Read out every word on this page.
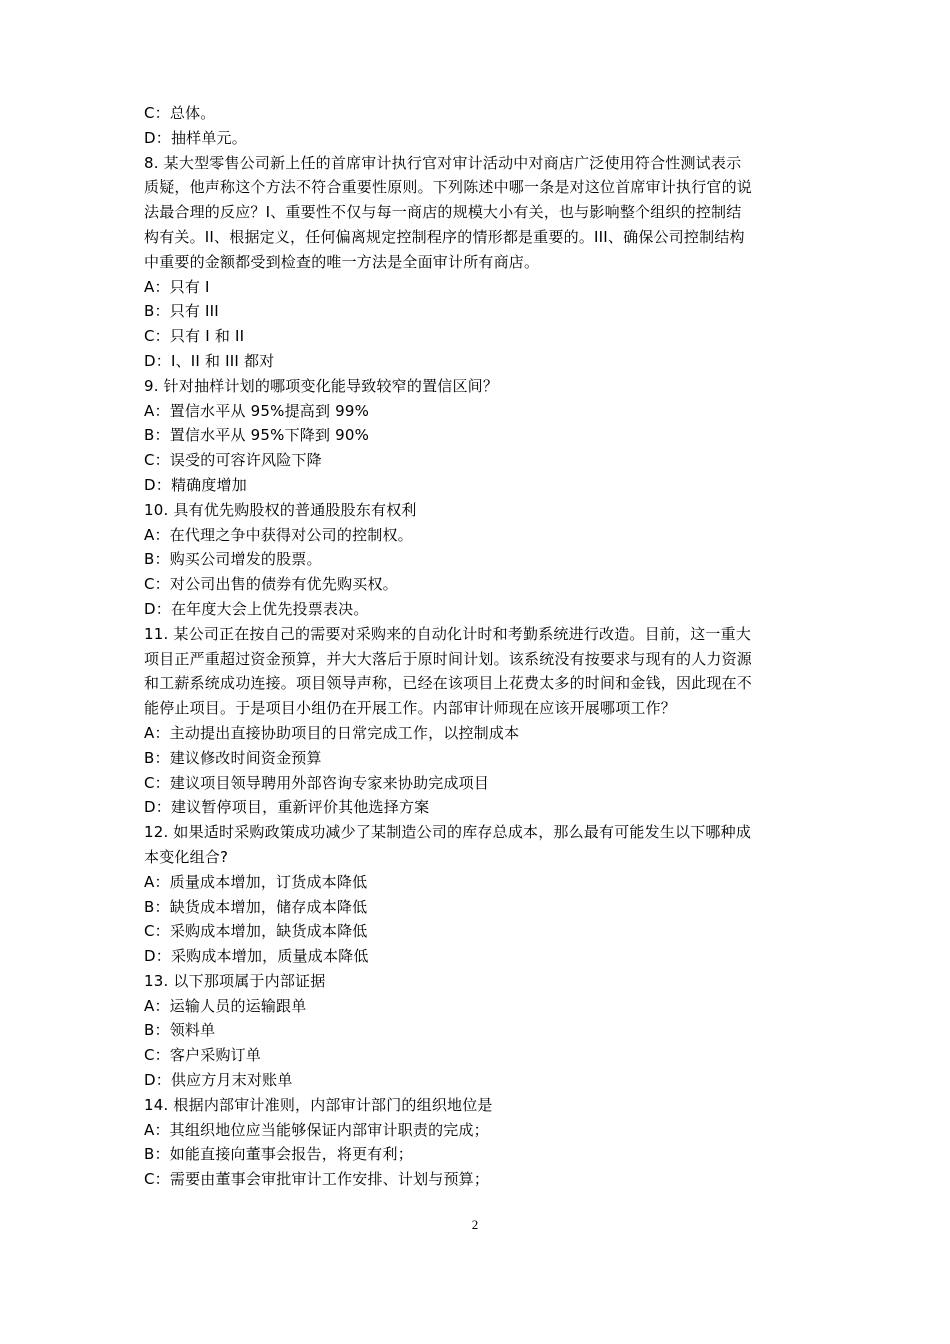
C：总体。
D：抽样单元。
8. 某大型零售公司新上任的首席审计执行官对审计活动中对商店广泛使用符合性测试表示
质疑，他声称这个方法不符合重要性原则。下列陈述中哪一条是对这位首席审计执行官的说
法最合理的反应？I、重要性不仅与每一商店的规模大小有关，也与影响整个组织的控制结
构有关。II、根据定义，任何偏离规定控制程序的情形都是重要的。III、确保公司控制结构
中重要的金额都受到检查的唯一方法是全面审计所有商店。
A：只有 I
B：只有 III
C：只有 I 和 II
D：I、II 和 III 都对
9. 针对抽样计划的哪项变化能导致较窄的置信区间？
A：置信水平从 95%提高到 99%
B：置信水平从 95%下降到 90%
C：误受的可容许风险下降
D：精确度增加
10. 具有优先购股权的普通股股东有权利
A：在代理之争中获得对公司的控制权。
B：购买公司增发的股票。
C：对公司出售的债券有优先购买权。
D：在年度大会上优先投票表决。
11. 某公司正在按自己的需要对采购来的自动化计时和考勤系统进行改造。目前，这一重大
项目正严重超过资金预算，并大大落后于原时间计划。该系统没有按要求与现有的人力资源
和工薪系统成功连接。项目领导声称，已经在该项目上花费太多的时间和金钱，因此现在不
能停止项目。于是项目小组仍在开展工作。内部审计师现在应该开展哪项工作？
A：主动提出直接协助项目的日常完成工作，以控制成本
B：建议修改时间资金预算
C：建议项目领导聘用外部咨询专家来协助完成项目
D：建议暂停项目，重新评价其他选择方案
12. 如果适时采购政策成功减少了某制造公司的库存总成本，那么最有可能发生以下哪种成
本变化组合?
A：质量成本增加，订货成本降低
B：缺货成本增加，储存成本降低
C：采购成本增加，缺货成本降低
D：采购成本增加，质量成本降低
13. 以下那项属于内部证据
A：运输人员的运输跟单
B：领料单
C：客户采购订单
D：供应方月末对账单
14. 根据内部审计准则，内部审计部门的组织地位是
A：其组织地位应当能够保证内部审计职责的完成；
B：如能直接向董事会报告，将更有利；
C：需要由董事会审批审计工作安排、计划与预算；
2
